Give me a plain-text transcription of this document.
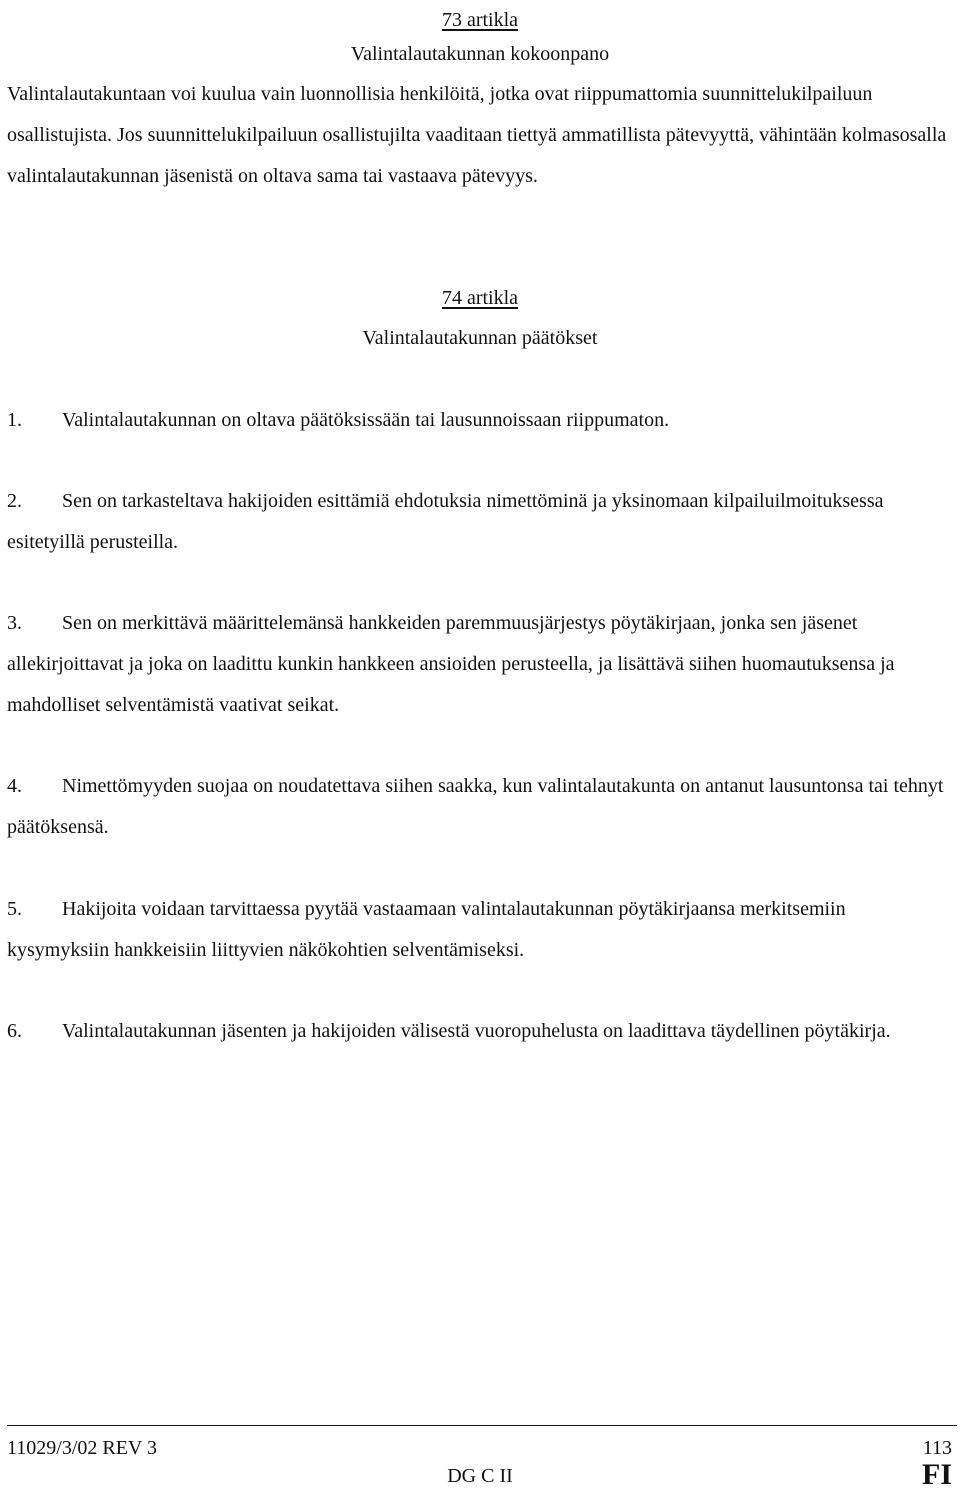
73 artikla
Valintalautakunnan kokoonpano
Valintalautakuntaan voi kuulua vain luonnollisia henkilöitä, jotka ovat riippumattomia suunnittelukilpailuun osallistujista. Jos suunnittelukilpailuun osallistujilta vaaditaan tiettyä ammatillista pätevyyttä, vähintään kolmasosalla valintalautakunnan jäsenistä on oltava sama tai vastaava pätevyys.
74 artikla
Valintalautakunnan päätökset
1. Valintalautakunnan on oltava päätöksissään tai lausunnoissaan riippumaton.
2. Sen on tarkasteltava hakijoiden esittämiä ehdotuksia nimettöminä ja yksinomaan kilpailuilmoituksessa esitetyillä perusteilla.
3. Sen on merkittävä määrittelemänsä hankkeiden paremmuusjärjestys pöytäkirjaan, jonka sen jäsenet allekirjoittavat ja joka on laadittu kunkin hankkeen ansioiden perusteella, ja lisättävä siihen huomautuksensa ja mahdolliset selventämistä vaativat seikat.
4. Nimettömyyden suojaa on noudatettava siihen saakka, kun valintalautakunta on antanut lausuntonsa tai tehnyt päätöksensä.
5. Hakijoita voidaan tarvittaessa pyytää vastaamaan valintalautakunnan pöytäkirjaansa merkitsemiin kysymyksiin hankkeisiin liittyvien näkökohtien selventämiseksi.
6. Valintalautakunnan jäsenten ja hakijoiden välisestä vuoropuhelusta on laadittava täydellinen pöytäkirja.
11029/3/02 REV 3
DG C II
113
FI
